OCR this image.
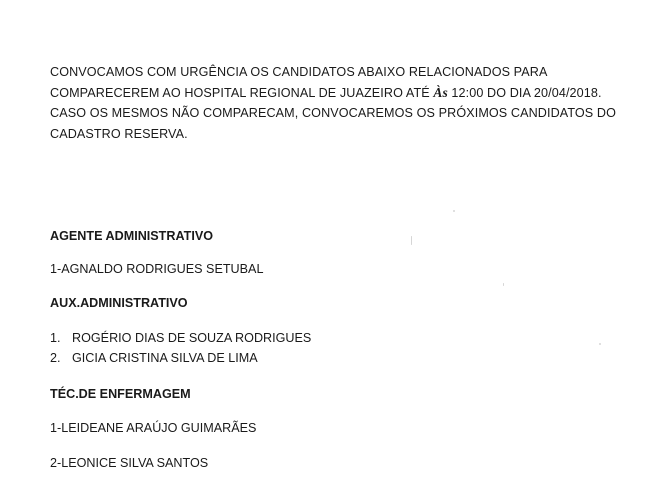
CONVOCAMOS COM URGÊNCIA OS CANDIDATOS ABAIXO RELACIONADOS PARA
COMPARECEREM AO HOSPITAL REGIONAL DE JUAZEIRO ATÉ Às 12:00 DO DIA 20/04/2018.
CASO OS MESMOS NÃO COMPARECAM, CONVOCAREMOS OS PRÓXIMOS CANDIDATOS DO
CADASTRO RESERVA.
AGENTE ADMINISTRATIVO
1-AGNALDO RODRIGUES SETUBAL
AUX.ADMINISTRATIVO
1. ROGÉRIO DIAS DE SOUZA RODRIGUES
2. GICIA CRISTINA SILVA DE LIMA
TÉC.DE ENFERMAGEM
1-LEIDEANE ARAÚJO GUIMARÃES
2-LEONICE SILVA SANTOS
